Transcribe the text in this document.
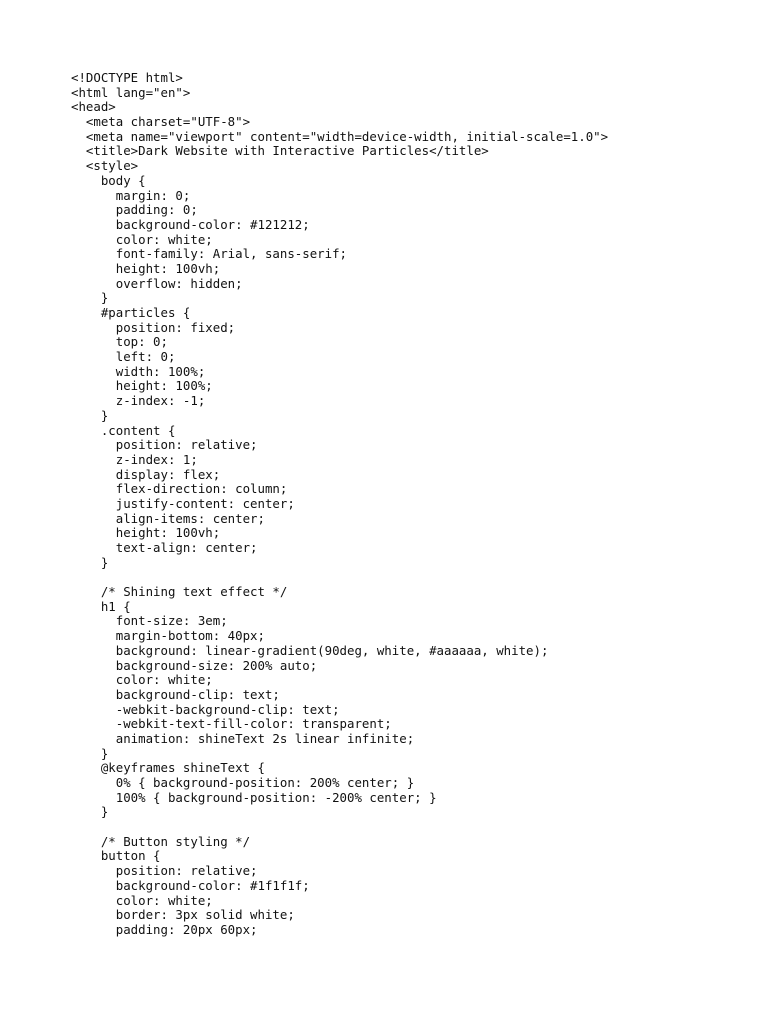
<!DOCTYPE html>
<html lang="en">
<head>
<meta charset="UTF-8">
<meta name="viewport" content="width=device-width, initial-scale=1.0">
<title>Dark Website with Interactive Particles</title>
<style>
body {
margin: 0;
padding: 0;
background-color: #121212;
color: white;
font-family: Arial, sans-serif;
height: 100vh;
overflow: hidden;
}
#particles {
position: fixed;
top: 0;
left: 0;
width: 100%;
height: 100%;
z-index: -1;
}
.content {
position: relative;
z-index: 1;
display: flex;
flex-direction: column;
justify-content: center;
align-items: center;
height: 100vh;
text-align: center;
}
/* Shining text effect */
h1 {
font-size: 3em;
margin-bottom: 40px;
background: linear-gradient(90deg, white, #aaaaaa, white);
background-size: 200% auto;
color: white;
background-clip: text;
-webkit-background-clip: text;
-webkit-text-fill-color: transparent;
animation: shineText 2s linear infinite;
}
@keyframes shineText {
0% { background-position: 200% center; }
100% { background-position: -200% center; }
}
/* Button styling */
button {
position: relative;
background-color: #1f1f1f;
color: white;
border: 3px solid white;
padding: 20px 60px;
